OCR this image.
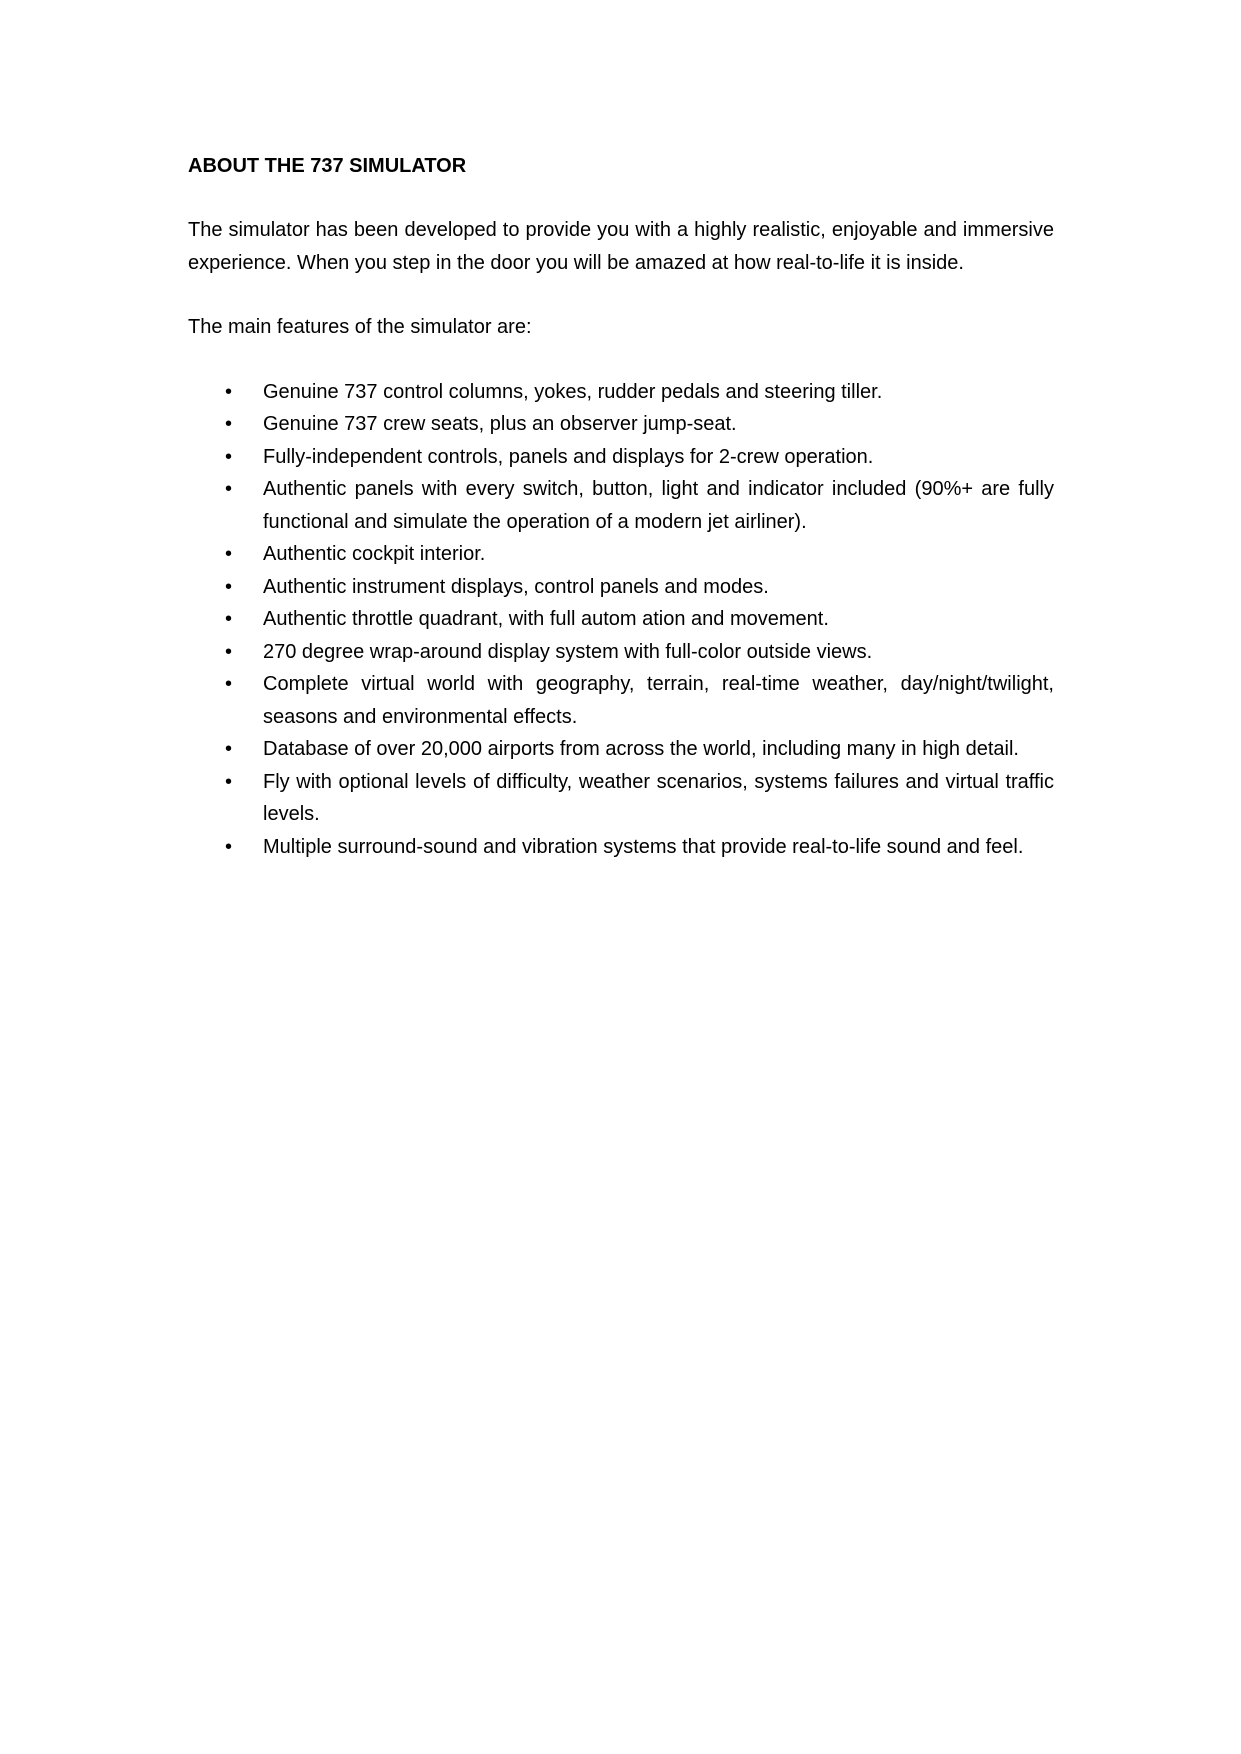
ABOUT THE 737 SIMULATOR

The simulator has been developed to provide you with a highly realistic, enjoyable and immersive experience. When you step in the door you will be amazed at how real-to-life it is inside.

The main features of the simulator are:

• Genuine 737 control columns, yokes, rudder pedals and steering tiller.
• Genuine 737 crew seats, plus an observer jump-seat.
• Fully-independent controls, panels and displays for 2-crew operation.
• Authentic panels with every switch, button, light and indicator included (90%+ are fully functional and simulate the operation of a modern jet airliner).
• Authentic cockpit interior.
• Authentic instrument displays, control panels and modes.
• Authentic throttle quadrant, with full autom ation and movement.
• 270 degree wrap-around display system with full-color outside views.
• Complete virtual world with geography, terrain, real-time weather, day/night/twilight, seasons and environmental effects.
• Database of over 20,000 airports from across the world, including many in high detail.
• Fly with optional levels of difficulty, weather scenarios, systems failures and virtual traffic levels.
• Multiple surround-sound and vibration systems that provide real-to-life sound and feel.
